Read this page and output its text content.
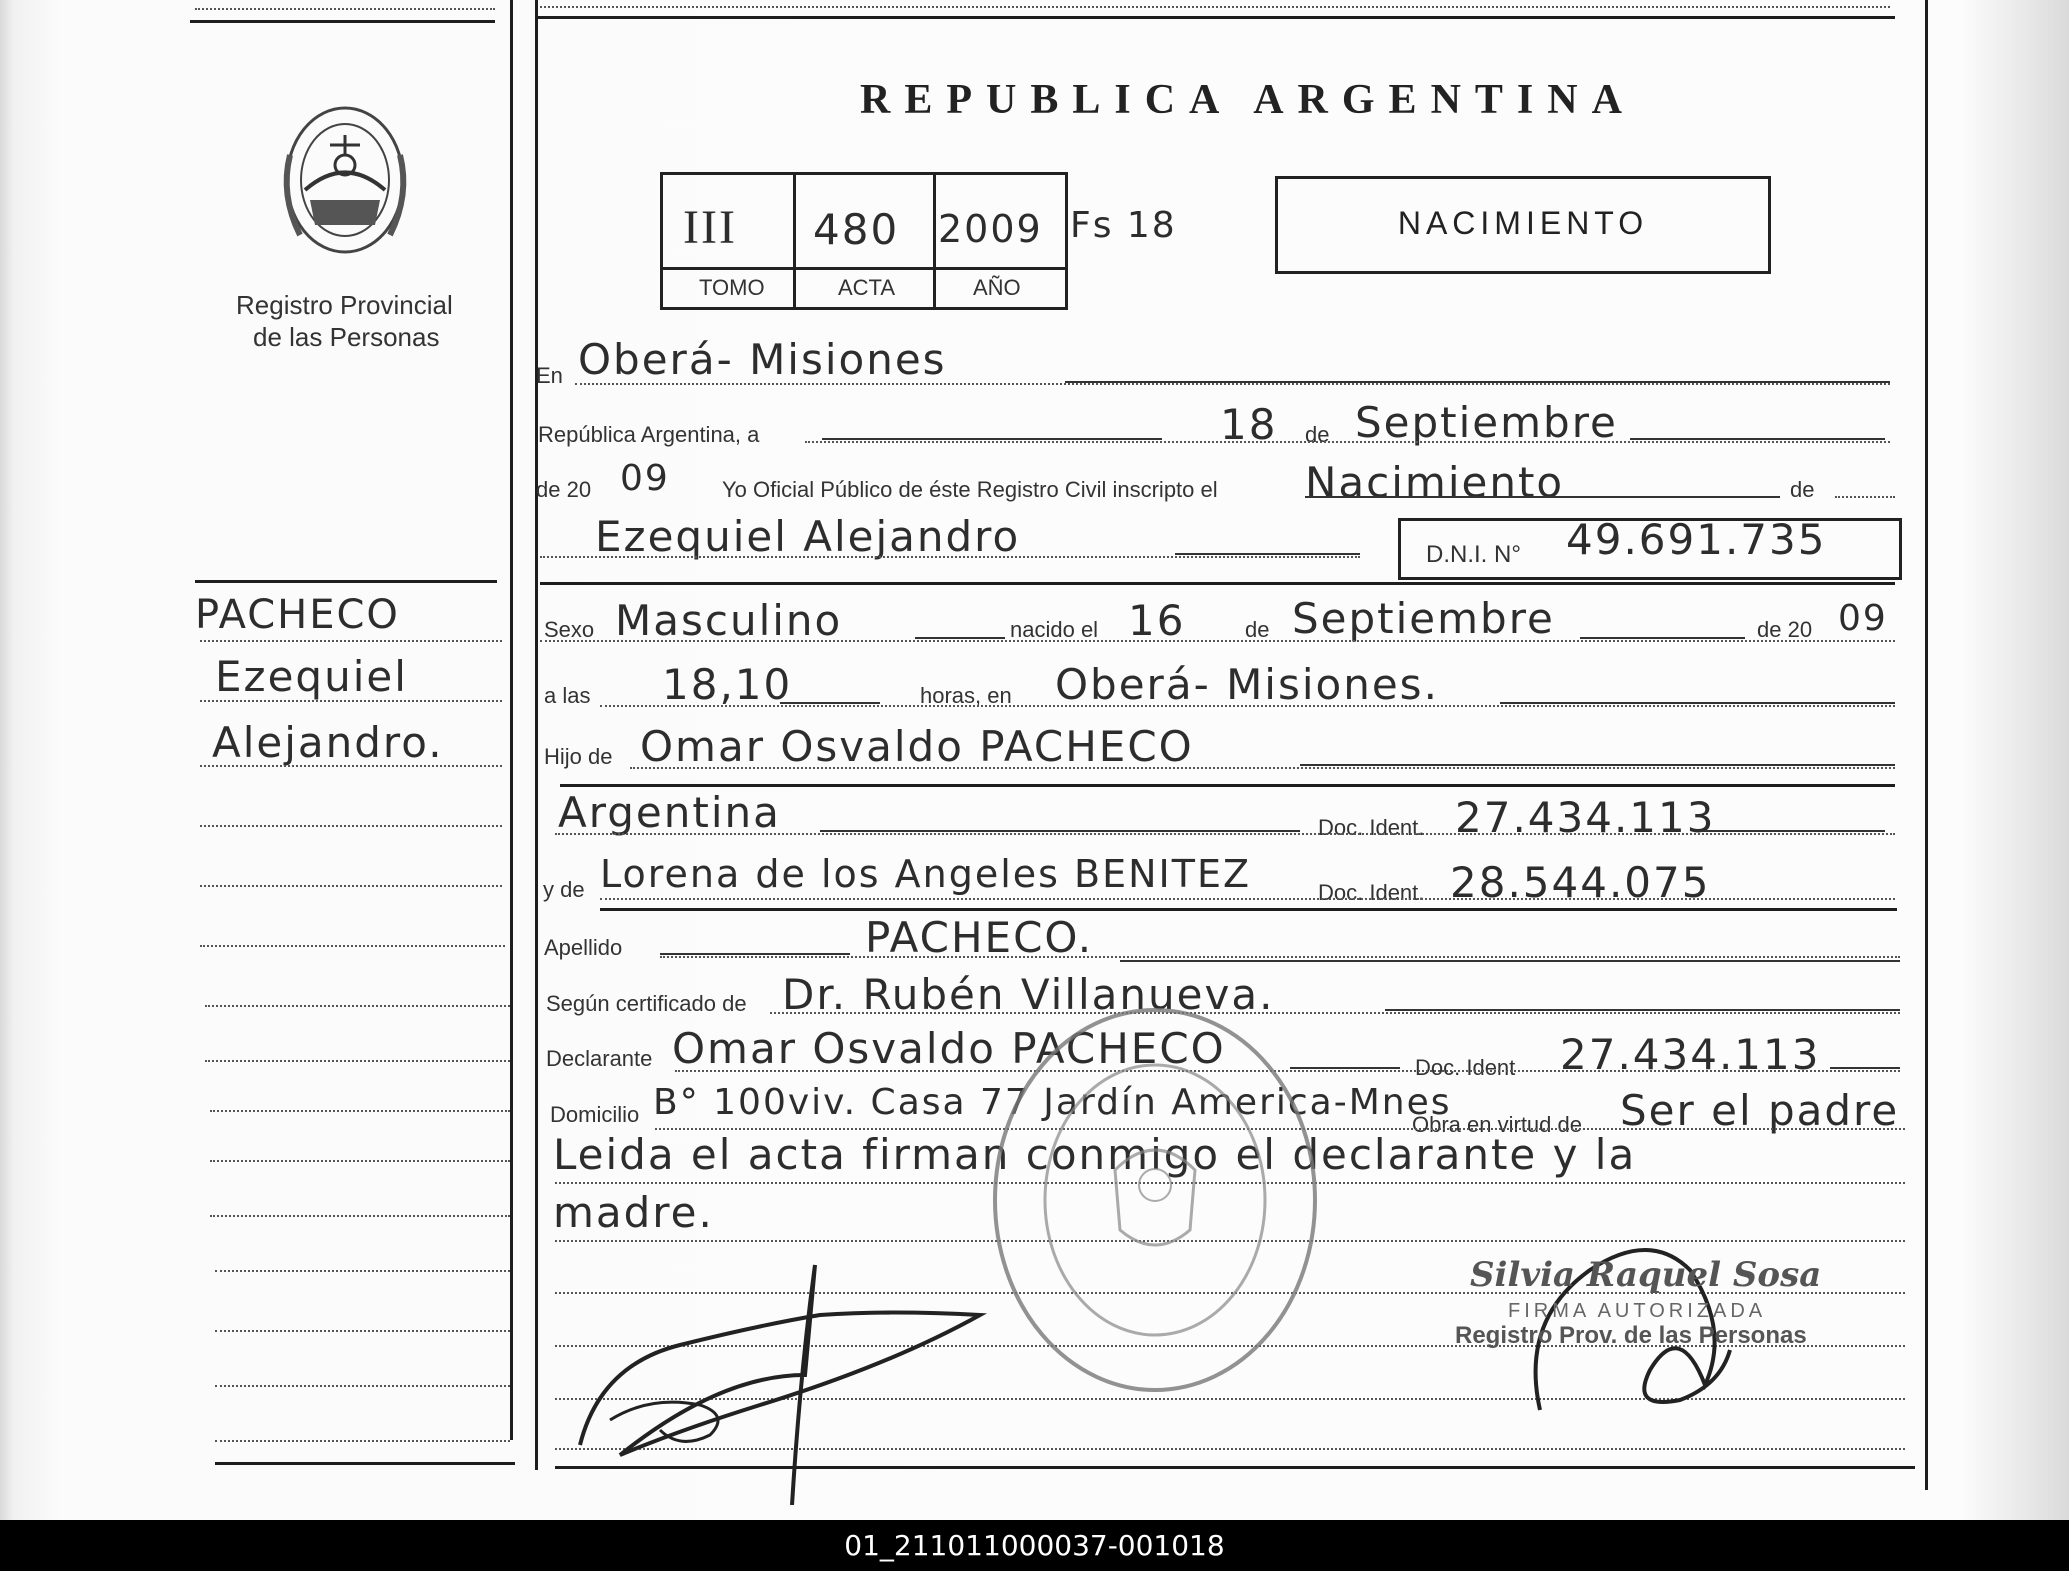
Registro Provincial
de las Personas
REPUBLICA ARGENTINA
III 480 2009
TOMO	ACTA	AÑO
Fs 18	NACIMIENTO
En Oberá- Misiones
República Argentina, a	18 de Septiembre
de 20 09 Yo Oficial Público de éste Registro Civil inscripto el Nacimiento	de
Ezequiel Alejandro	D.N.I. N° 49.691.735
PACHECO
Ezequiel
Alejandro.
Sexo Masculino	nacido el 16	de Septiembre	de 20 09
a las 18,10	horas, en Oberá- Misiones.
Hijo de Omar Osvaldo PACHECO
Argentina	Doc. Ident. 27.434.113
y de Lorena de los Angeles BENITEZ	Doc. Ident. 28.544.075
Apellido	PACHECO.
Según certificado de Dr. Rubén Villanueva.
Declarante Omar Osvaldo PACHECO	Doc. Ident 27.434.113
Domicilio B° 100viv. Casa 77 Jardín America-Mnes
Obra en virtud de Ser el padre
Leida el acta firman conmigo el declarante y la
madre.
Silvia Raquel Sosa
FIRMA AUTORIZADA
Registro Prov. de las Personas
01_211011000037-001018
